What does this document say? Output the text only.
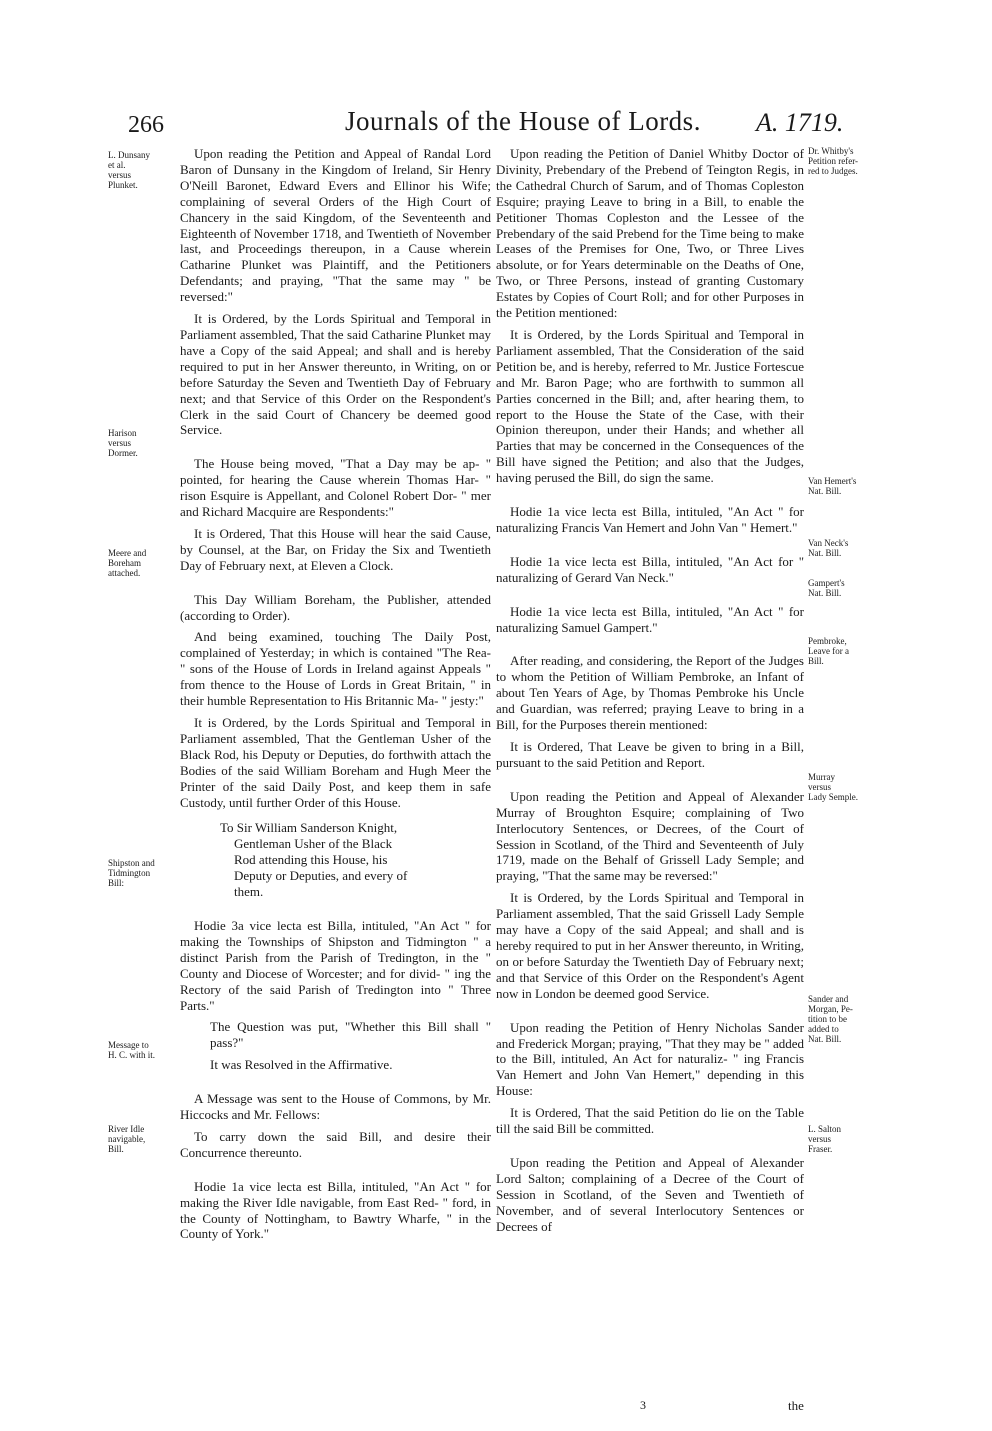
266	Journals of the House of Lords. A. 1719.
L. Dunsany
et al.
versus
Plunket.
Harison
versus
Dormer.
Meere and
Boreham
attached.
Shipston and
Tidmington
Bill:
Message to
H. C. with it.
River Idle
navigable,
Bill.
Dr. Whitby's
Petition refer-
red to Judges.
Van Hemert's
Nat. Bill.
Van Neck's
Nat. Bill.
Gampert's
Nat. Bill.
Pembroke,
Leave for a
Bill.
Murray
versus
Lady Semple.
Sander and
Morgan, Pe-
tition to be
added to
Nat. Bill.
L. Salton
versus
Fraser.

Upon reading the Petition and Appeal of Randal Lord Baron of Dunsany in the Kingdom of Ireland, Sir Henry O'Neill Baronet, Edward Evers and Ellinor his Wife; complaining of several Orders of the High Court of Chancery in the said Kingdom, of the Seventeenth and Eighteenth of November 1718, and Twentieth of November last, and Proceedings thereupon, in a Cause wherein Catharine Plunket was Plaintiff, and the Petitioners Defendants; and praying, "That the same may " be reversed:"

It is Ordered, by the Lords Spiritual and Temporal in Parliament assembled, That the said Catharine Plunket may have a Copy of the said Appeal; and shall and is hereby required to put in her Answer thereunto, in Writing, on or before Saturday the Seven and Twentieth Day of February next; and that Service of this Order on the Respondent's Clerk in the said Court of Chancery be deemed good Service.

The House being moved, "That a Day may be ap- " pointed, for hearing the Cause wherein Thomas Har- " rison Esquire is Appellant, and Colonel Robert Dor- " mer and Richard Macquire are Respondents:"

It is Ordered, That this House will hear the said Cause, by Counsel, at the Bar, on Friday the Six and Twentieth Day of February next, at Eleven a Clock.

This Day William Boreham, the Publisher, attended (according to Order).

And being examined, touching The Daily Post, complained of Yesterday; in which is contained "The Rea- " sons of the House of Lords in Ireland against Appeals " from thence to the House of Lords in Great Britain, " in their humble Representation to His Britannic Ma- " jesty:"

It is Ordered, by the Lords Spiritual and Temporal in Parliament assembled, That the Gentleman Usher of the Black Rod, his Deputy or Deputies, do forthwith attach the Bodies of the said William Boreham and Hugh Meer the Printer of the said Daily Post, and keep them in safe Custody, until further Order of this House.

To Sir William Sanderson Knight, Gentleman Usher of the Black Rod attending this House, his Deputy or Deputies, and every of them.

Hodie 3a vice lecta est Billa, intituled, "An Act " for making the Townships of Shipston and Tidmington " a distinct Parish from the Parish of Tredington, in the " County and Diocese of Worcester; and for divid- " ing the Rectory of the said Parish of Tredington into " Three Parts."

The Question was put, "Whether this Bill shall " pass?"

It was Resolved in the Affirmative.

A Message was sent to the House of Commons, by Mr. Hiccocks and Mr. Fellows:

To carry down the said Bill, and desire their Concurrence thereunto.

Hodie 1a vice lecta est Billa, intituled, "An Act " for making the River Idle navigable, from East Red- " ford, in the County of Nottingham, to Bawtry Wharfe, " in the County of York."

Upon reading the Petition of Daniel Whitby Doctor of Divinity, Prebendary of the Prebend of Teington Regis, in the Cathedral Church of Sarum, and of Thomas Copleston Esquire; praying Leave to bring in a Bill, to enable the Petitioner Thomas Copleston and the Lessee of the Prebendary of the said Prebend for the Time being to make Leases of the Premises for One, Two, or Three Lives absolute, or for Years determinable on the Deaths of One, Two, or Three Persons, instead of granting Customary Estates by Copies of Court Roll; and for other Purposes in the Petition mentioned:

It is Ordered, by the Lords Spiritual and Temporal in Parliament assembled, That the Consideration of the said Petition be, and is hereby, referred to Mr. Justice Fortescue and Mr. Baron Page; who are forthwith to summon all Parties concerned in the Bill; and, after hearing them, to report to the House the State of the Case, with their Opinion thereupon, under their Hands; and whether all Parties that may be concerned in the Consequences of the Bill have signed the Petition; and also that the Judges, having perused the Bill, do sign the same.

Hodie 1a vice lecta est Billa, intituled, "An Act " for naturalizing Francis Van Hemert and John Van " Hemert."

Hodie 1a vice lecta est Billa, intituled, "An Act for " naturalizing of Gerard Van Neck."

Hodie 1a vice lecta est Billa, intituled, "An Act " for naturalizing Samuel Gampert."

After reading, and considering, the Report of the Judges to whom the Petition of William Pembroke, an Infant of about Ten Years of Age, by Thomas Pembroke his Uncle and Guardian, was referred; praying Leave to bring in a Bill, for the Purposes therein mentioned:

It is Ordered, That Leave be given to bring in a Bill, pursuant to the said Petition and Report.

Upon reading the Petition and Appeal of Alexander Murray of Broughton Esquire; complaining of Two Interlocutory Sentences, or Decrees, of the Court of Session in Scotland, of the Third and Seventeenth of July 1719, made on the Behalf of Grissell Lady Semple; and praying, "That the same may be reversed:"

It is Ordered, by the Lords Spiritual and Temporal in Parliament assembled, That the said Grissell Lady Semple may have a Copy of the said Appeal; and shall and is hereby required to put in her Answer thereunto, in Writing, on or before Saturday the Twentieth Day of February next; and that Service of this Order on the Respondent's Agent now in London be deemed good Service.

Upon reading the Petition of Henry Nicholas Sander and Frederick Morgan; praying, "That they may be " added to the Bill, intituled, An Act for naturaliz- " ing Francis Van Hemert and John Van Hemert," depending in this House:

It is Ordered, That the said Petition do lie on the Table till the said Bill be committed.

Upon reading the Petition and Appeal of Alexander Lord Salton; complaining of a Decree of the Court of Session in Scotland, of the Seven and Twentieth of November, and of several Interlocutory Sentences or Decrees of

3	the
